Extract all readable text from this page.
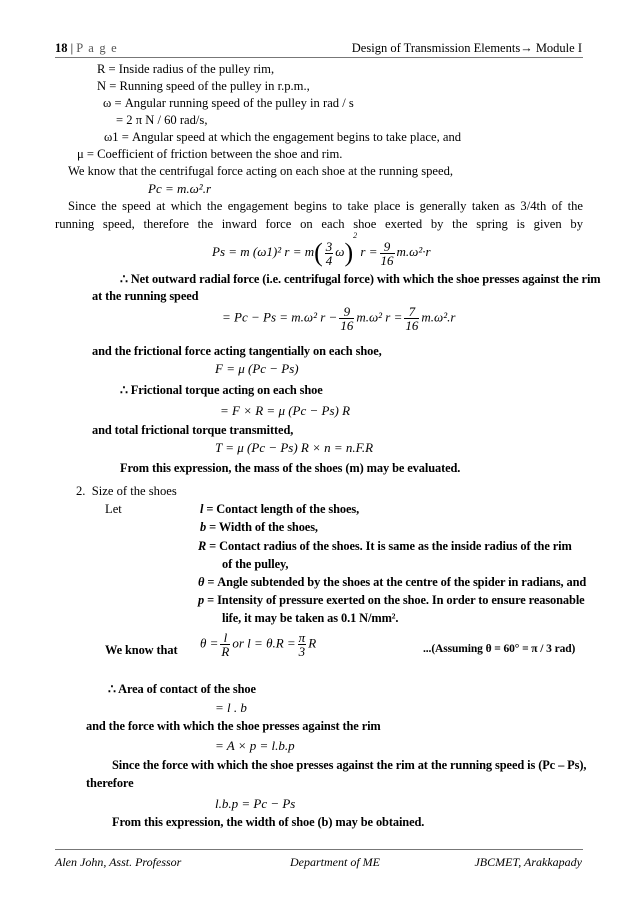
18 | P a g e	Design of Transmission Elements→ Module I
R = Inside radius of the pulley rim,
N = Running speed of the pulley in r.p.m.,
ω = Angular running speed of the pulley in rad / s
= 2 π N / 60 rad/s,
ω1 = Angular speed at which the engagement begins to take place, and
μ = Coefficient of friction between the shoe and rim.
We know that the centrifugal force acting on each shoe at the running speed,
Pc = m.ω².r
Since the speed at which the engagement begins to take place is generally taken as 3/4th of the running speed, therefore the inward force on each shoe exerted by the spring is given by
Ps = m (ω1)² $r = m( \frac{3}{4} \omega)^2$ $r = \frac{9}{16} m.\omega^2\cdot r$
∴ Net outward radial force (i.e. centrifugal force) with which the shoe presses against the rim
at the running speed
= Pc − Ps = m.ω² $r - \frac{9}{16} m.\omega^2$ $r = \frac{7}{16} m.\omega^2.r$
and the frictional force acting tangentially on each shoe,
F = μ (Pc − Ps)
∴ Frictional torque acting on each shoe
= F × R = μ (Pc − Ps) R
and total frictional torque transmitted,
T = μ (Pc − Ps) R × n = n.F.R
From this expression, the mass of the shoes (m) may be evaluated.
2. Size of the shoes
Let	l = Contact length of the shoes,
b = Width of the shoes,
R = Contact radius of the shoes. It is same as the inside radius of the rim
of the pulley,
θ = Angle subtended by the shoes at the centre of the spider in radians, and
p = Intensity of pressure exerted on the shoe. In order to ensure reasonable
life, it may be taken as 0.1 N/mm².
We know that $\theta = \frac{l}{R}$ or $l = \theta.R = \frac{\pi}{3}$ R	...(Assuming θ = 60° = π / 3 rad)
∴ Area of contact of the shoe
= l . b
and the force with which the shoe presses against the rim
= A × p = l.b.p
Since the force with which the shoe presses against the rim at the running speed is (Pc – Ps),
therefore
l.b.p = Pc − Ps
From this expression, the width of shoe (b) may be obtained.
Alen John, Asst. Professor	Department of ME	JBCMET, Arakkapady
